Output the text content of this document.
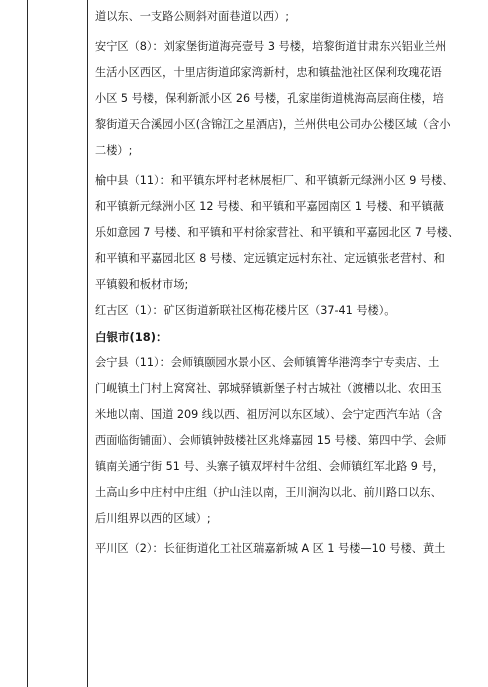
道以东、一支路公厕斜对面巷道以西）;

安宁区（8）：刘家堡街道海亮壹号 3 号楼，培黎街道甘肃东兴铝业兰州
生活小区西区，十里店街道邱家湾新村，忠和镇盐池社区保利玫瑰花语
小区 5 号楼，保利新派小区 26 号楼，孔家崖街道桃海高层商住楼，培
黎街道天合溪园小区(含锦江之星酒店)，兰州供电公司办公楼区域（含小
二楼）;

榆中县（11）：和平镇东坪村老林展柜厂、和平镇新元绿洲小区 9 号楼、
和平镇新元绿洲小区 12 号楼、和平镇和平嘉园南区 1 号楼、和平镇薇
乐如意园 7 号楼、和平镇和平村徐家营社、和平镇和平嘉园北区 7 号楼、
和平镇和平嘉园北区 8 号楼、定远镇定远村东社、定远镇张老营村、和
平镇毅和板材市场;

红古区（1）：矿区街道新联社区梅花楼片区（37-41 号楼）。

白银市(18)：

会宁县（11）：会师镇颐园水景小区、会师镇箐华港湾李宁专卖店、土
门岘镇土门村上窝窝社、郭城驿镇新堡子村古城社（渡槽以北、农田玉
米地以南、国道 209 线以西、祖厉河以东区域）、会宁定西汽车站（含
西面临街铺面）、会师镇钟鼓楼社区兆烽嘉园 15 号楼、第四中学、会师
镇南关通宁街 51 号、头寨子镇双坪村牛岔组、会师镇红军北路 9 号，
土高山乡中庄村中庄组（护山洼以南，王川涧沟以北、前川路口以东、
后川组界以西的区域）;

平川区（2）：长征街道化工社区瑞嘉新城 A 区 1 号楼—10 号楼、黄土
